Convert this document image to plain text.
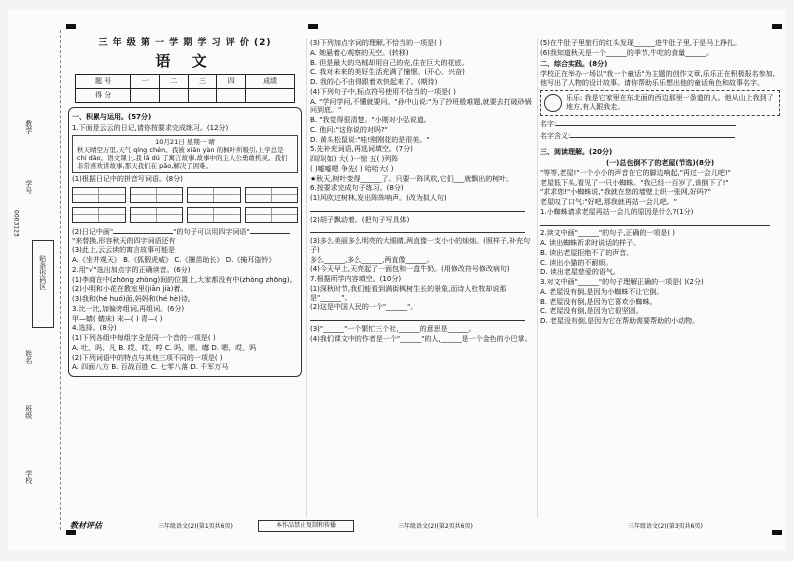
学校
班级
姓名
学号
教学
贴条形码区
0003123
三 年 级 第 一 学 期 学 习 评 价 (2)
语 文
题 号	一	二	三	四	成绩
得 分					
一、积累与运用。(57分)
1.下面是云云的日记,请你按要求完成练习。(12分)
10月21日 星期一 晴
秋天晴空万里,天气 qíng chén。我被 xiān yàn 的枫叶所吸引,上学总是 chí dào。语文课上,我 lǎ dú 了寓言故事,故事中的主人公勇敢机灵。我们非常喜欢讲故事,那天我们在 pǎo,解决了困难。
(1)根据日记中的拼音写词语。(8分)
(2)日记中画"	"的句子可以用四字词语""来替换,形容秋天的四字词语还有
(3)此上,云云读的寓言故事可能是
A.《坐井观天》 B.《狐假虎威》 C.《揠苗助长》 D.《掩耳盗铃》
2.用"√"选出加点字的正确读音。(6分)
(1)李商在中(zhōng zhòng)间的位置上,大家都没有中(zhòng zhōng)。
(2)小明和小花在教室里(jiān jià)着。
(3)我和(hé huó)面,妈妈和(hé hè)诗。
3.比一比,加偏旁组词,再组词。(6分)
甲—蜻( 蜻床) 未—( ) 青—( )
4.选择。(8分)
(1)下列各组中每组字全是同一个音的一项是( )
A. 吐、吗、凡 B. 哎、哎、哼 C. 吗、嗯、嘟 D. 嗯、哎、吗
(2)下列词语中的特点与其他三项不同的一项是( )
A. 四面八方 B. 百战百胜 C. 七零八落 D. 千军万马
(3)下列加点字词的理解,不恰当的一项是( )
A. 她悬着心观察的天空。(转移)
B. 但是最大的乌贼却用自己的壳,住在巨大的花底。
C. 我对未来的美好生活充满了憧憬。(开心、兴奋)
D. 我的心不由得跟着欢快起来了。(期待)
(4)下列句子中,标点符号使用不恰当的一项是( )
A. "学问学问,不懂就要问。"孙中山说:"为了抄班般难题,就要去打破砂锅问到底。"
B. "我觉得很清楚。"小刚对小弘说道。
C. 他问:"这你说的对吗?"
D. 黄头松鼠说:"哇!刚刚花的是很美。"
5.先补充词语,再选词填空。(7分)
四四(如) 大( )一惊 五( )列阵
( )嘘嘘嗯 争先( ) 哈哈大( )
★秋天,树叶变得______了。只要一阵风吹,它们___就飘出的树叶。
6.按要求完成句子练习。(8分)
(1)风吹过树林,发出阵阵响声。(改为拟人句)
(2)胡子飘动着。(把句子写具体)
(3)多么美丽多么明亮的大眼睛,两直像一支小小的烛烛。(照样子,补充句子)
多么______,多么______,两直像______。
(4)今天早上,天亮起了一面包和一盒牛奶。(用修改符号修改病句)
7.根据所学内容填空。(10分)
(1)深秋时节,我们能看到满街枫树生长的景象,而诗人杜牧却说那是"______"。
(2)这是中国人民的一个"______"。
(3)"______"一个繁忙三个社,______的意思是______。
(4)我们课文中的作者是一个"______"的人,______是一个金色的小巴掌。
(5)在牛肚子里旅行的红头发现______进牛肚子里,于是马上挣扎。
(6)我知道秋天是一个______的季节,牛吃的食量______。
二、综合实践。(8分)
学校正在举办一场以"我一个童话"为主题的创作文章,乐乐正在积极报名参加,他写出了人物的设计故事。请你帮助乐乐想出他的童话角色和故事名字。
乐乐: 我是它家里在东北面的西边那里一条道的人。他从山上我到了地方,有人跟我走。
名字:
名字含义:
三、阅读理解。(20分)
(一)总也倒不了的老屋(节选)(8分)
"等等,老屋!"一个小小的声音在它的脚边响起,"再过一会儿吧!"
老屋低下头,看见了一只小蜘蛛。"我已经一百岁了,该倒下了!"
"求求您!"小蜘蛛说,"我就在您的墙壁上织一张网,好吗?"
老屋叹了口气:"好吧,那我就再站一会儿吧。"
1.小蜘蛛请求老屋再站一会儿的原因是什么?(1分)
2.读文中画"______"的句子,正确的一项是( )
A. 读出蜘蛛祈求时说话的样子。
B. 读出老屋拒绝不了的声音。
C. 读出小猫的不耐烦。
D. 读出老屋慈爱的语气。
3.对文中画"______"的句子理解正确的一项是( )(2分)
A. 老屋没有倒,是因为小蜘蛛不让它倒。
B. 老屋没有倒,是因为它喜欢小蜘蛛。
C. 老屋没有倒,是因为它很坚固。
D. 老屋没有倒,是因为它在帮助需要帮助的小动物。
教材评估	三年级语文(2)(第1页共6页)	本作品禁止复制和传播	三年级语文(2)(第2页共6页)	三年级语文(2)(第3页共6页)
